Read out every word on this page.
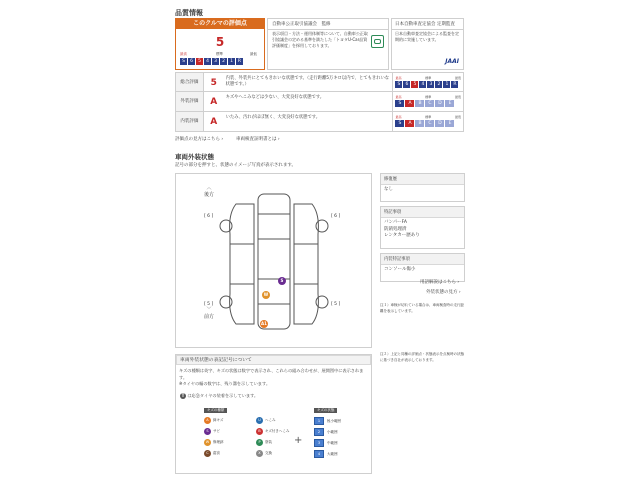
品質情報
このクルマの評価点
5
最高	標準	最低
S 6 5 4 3 2 1 R
自動車公正取引協議会　監修
表示項目・方法・運用体制等について、自動車公正取引協議会の定める基準を満たした「トヨタU-Car品質評価制度」を採用しております。
日本自動車査定協会 定期監査
日本自動車査定協会による監査を定期的に実施しています。
JAAI
総合評価	5	内装、外装共にとてもきれいな状態です。（走行距離5万キロ以内で、とてもきれいな状態です。）
最高	標準	最低
S 6 5 4 3 2 1 R
外装評価	A	キズやへこみなどは少ない、大変良好な状態です。	最高	標準	最低
S A B C D E
内装評価	A	いたみ、汚れがほぼ無く、大変良好な状態です。	最高	標準	最低
S A B C D E
評価点の見方はこちら ›	車両検査証明書とは ›
車両外装状態
記号の部分を押すと、状態のイメージ写真が表示されます。
︿
後方
﹀
前方
[ 6 ]	[ 6 ]
[ 5 ]	[ 5 ]
S
W
A1
修復歴
なし
特記事項
バンパーFA
防錆処理済
レンタカー歴あり
内装特記事項
コンソール傷小
用語解説はこちら ›
外装状態の見方 ›
注１）車検が切れている場合は、車両検査時の走行距離を表示しています。
注２）上記と同種の評価点・状態表示を点検時の状態に基づき自社が表示しております。
車両外装状態の表記記号について
キズの種類は英字、キズの状態は数字で表示され、これらの組み合わせが、展開図中に表示されます。
※タイヤの幅の数字は、残り溝を示しています。
T は応急タイヤの装着を示しています。
キズの種類
A	線キズ	U	へこみ
S	サビ	B	キズ付きへこみ
W	修理跡	P	塗装
C	腐食	X	交換
+
キズの状態
1	極小範囲
2	小範囲
3	中範囲
4	大範囲
